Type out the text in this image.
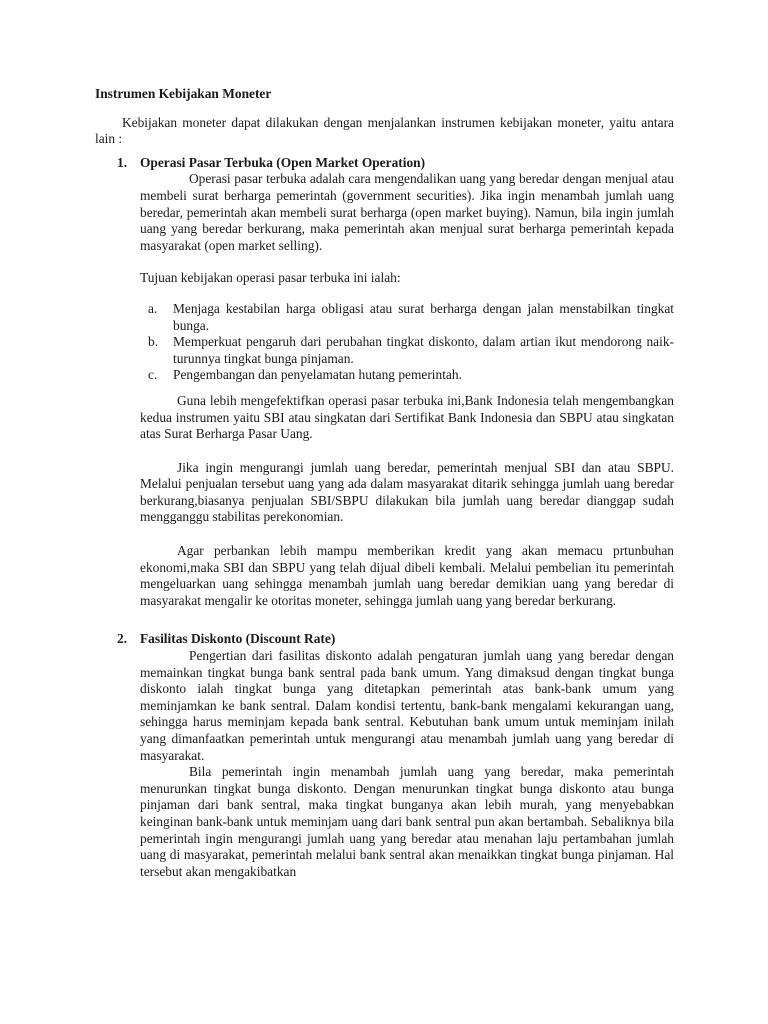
Instrumen Kebijakan Moneter

Kebijakan moneter dapat dilakukan dengan menjalankan instrumen kebijakan moneter, yaitu antara lain :

1. Operasi Pasar Terbuka (Open Market Operation)

Operasi pasar terbuka adalah cara mengendalikan uang yang beredar dengan menjual atau membeli surat berharga pemerintah (government securities). Jika ingin menambah jumlah uang beredar, pemerintah akan membeli surat berharga (open market buying). Namun, bila ingin jumlah uang yang beredar berkurang, maka pemerintah akan menjual surat berharga pemerintah kepada masyarakat (open market selling).

Tujuan kebijakan operasi pasar terbuka ini ialah:

a.	Menjaga kestabilan harga obligasi atau surat berharga dengan jalan menstabilkan tingkat bunga.
b.	Memperkuat pengaruh dari perubahan tingkat diskonto, dalam artian ikut mendorong naik-turunnya tingkat bunga pinjaman.
c.	Pengembangan dan penyelamatan hutang pemerintah.

Guna lebih mengefektifkan operasi pasar terbuka ini,Bank Indonesia telah mengembangkan kedua instrumen yaitu SBI atau singkatan dari Sertifikat Bank Indonesia dan SBPU atau singkatan atas Surat Berharga Pasar Uang.

Jika ingin mengurangi jumlah uang beredar, pemerintah menjual SBI dan atau SBPU. Melalui penjualan tersebut uang yang ada dalam masyarakat ditarik sehingga jumlah uang beredar berkurang,biasanya penjualan SBI/SBPU dilakukan bila jumlah uang beredar dianggap sudah mengganggu stabilitas perekonomian.

Agar perbankan lebih mampu memberikan kredit yang akan memacu prtunbuhan ekonomi,maka SBI dan SBPU yang telah dijual dibeli kembali. Melalui pembelian itu pemerintah mengeluarkan uang sehingga menambah jumlah uang beredar demikian uang yang beredar di masyarakat mengalir ke otoritas moneter, sehingga jumlah uang yang beredar berkurang.

2. Fasilitas Diskonto (Discount Rate)

Pengertian dari fasilitas diskonto adalah pengaturan jumlah uang yang beredar dengan memainkan tingkat bunga bank sentral pada bank umum. Yang dimaksud dengan tingkat bunga diskonto ialah tingkat bunga yang ditetapkan pemerintah atas bank-bank umum yang meminjamkan ke bank sentral. Dalam kondisi tertentu, bank-bank mengalami kekurangan uang, sehingga harus meminjam kepada bank sentral. Kebutuhan bank umum untuk meminjam inilah yang dimanfaatkan pemerintah untuk mengurangi atau menambah jumlah uang yang beredar di masyarakat.

Bila pemerintah ingin menambah jumlah uang yang beredar, maka pemerintah menurunkan tingkat bunga diskonto. Dengan menurunkan tingkat bunga diskonto atau bunga pinjaman dari bank sentral, maka tingkat bunganya akan lebih murah, yang menyebabkan keinginan bank-bank untuk meminjam uang dari bank sentral pun akan bertambah. Sebaliknya bila pemerintah ingin mengurangi jumlah uang yang beredar atau menahan laju pertambahan jumlah uang di masyarakat, pemerintah melalui bank sentral akan menaikkan tingkat bunga pinjaman. Hal tersebut akan mengakibatkan
